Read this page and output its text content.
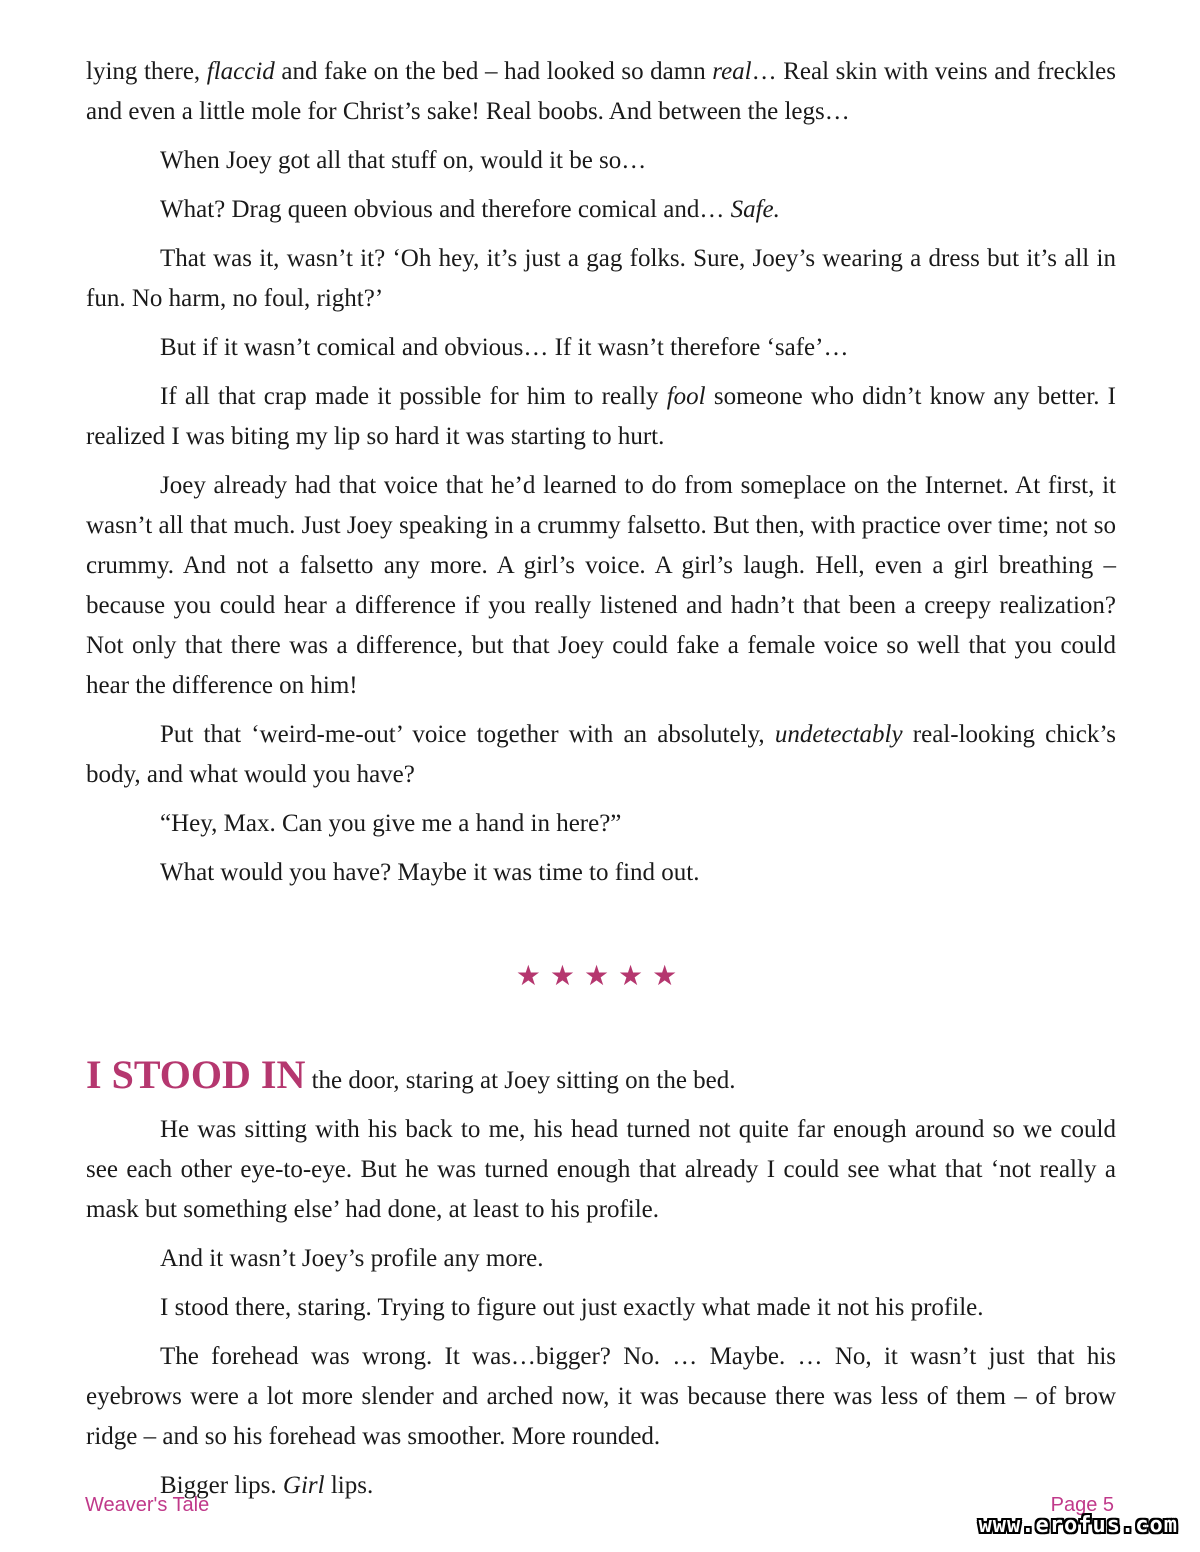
lying there, flaccid and fake on the bed – had looked so damn real… Real skin with veins and freckles and even a little mole for Christ’s sake! Real boobs. And between the legs…

When Joey got all that stuff on, would it be so…

What? Drag queen obvious and therefore comical and… Safe.

That was it, wasn’t it? ‘Oh hey, it’s just a gag folks. Sure, Joey’s wearing a dress but it’s all in fun. No harm, no foul, right?’

But if it wasn’t comical and obvious… If it wasn’t therefore ‘safe’…

If all that crap made it possible for him to really fool someone who didn’t know any better. I realized I was biting my lip so hard it was starting to hurt.

Joey already had that voice that he’d learned to do from someplace on the Internet. At first, it wasn’t all that much. Just Joey speaking in a crummy falsetto. But then, with practice over time; not so crummy. And not a falsetto any more. A girl’s voice. A girl’s laugh. Hell, even a girl breathing – because you could hear a difference if you really listened and hadn’t that been a creepy realization? Not only that there was a difference, but that Joey could fake a female voice so well that you could hear the difference on him!

Put that ‘weird-me-out’ voice together with an absolutely, undetectably real-looking chick’s body, and what would you have?

“Hey, Max. Can you give me a hand in here?”

What would you have? Maybe it was time to find out.

★★★★★

I STOOD IN the door, staring at Joey sitting on the bed.

He was sitting with his back to me, his head turned not quite far enough around so we could see each other eye-to-eye. But he was turned enough that already I could see what that ‘not really a mask but something else’ had done, at least to his profile.

And it wasn’t Joey’s profile any more.

I stood there, staring. Trying to figure out just exactly what made it not his profile.

The forehead was wrong. It was…bigger? No. … Maybe. … No, it wasn’t just that his eyebrows were a lot more slender and arched now, it was because there was less of them – of brow ridge – and so his forehead was smoother. More rounded.

Bigger lips. Girl lips.

Weaver's Tale	Page 5
www.erofus.com
